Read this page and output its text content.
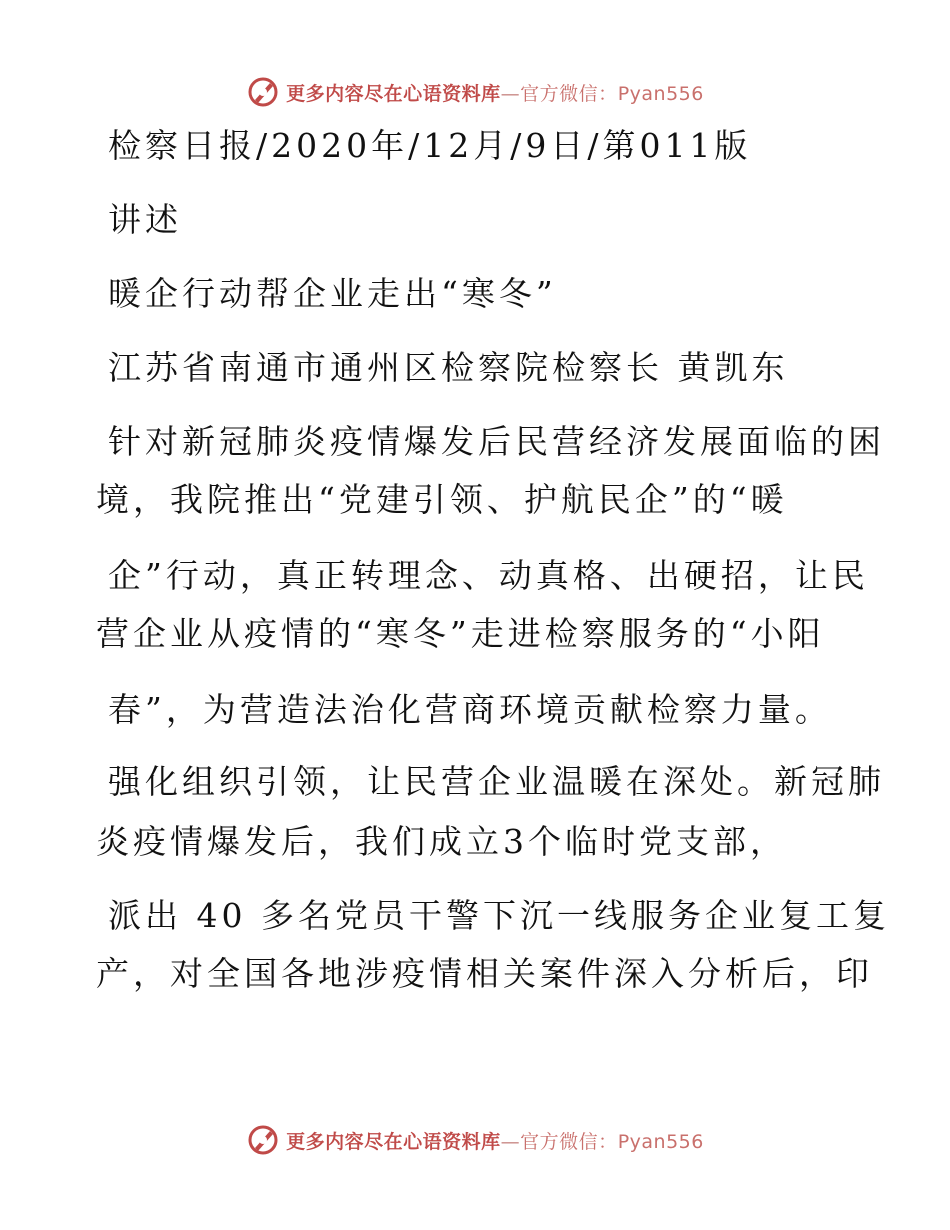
更多内容尽在心语资料库—官方微信：Pyan556
检察日报/2020年/12月/9日/第011版
讲述
暖企行动帮企业走出“寒冬”
江苏省南通市通州区检察院检察长 黄凯东
针对新冠肺炎疫情爆发后民营经济发展面临的困
境，我院推出“党建引领、护航民企”的“暖
企”行动，真正转理念、动真格、出硬招，让民
营企业从疫情的“寒冬”走进检察服务的“小阳
春”，为营造法治化营商环境贡献检察力量。
强化组织引领，让民营企业温暖在深处。新冠肺
炎疫情爆发后，我们成立3个临时党支部，
派出 40 多名党员干警下沉一线服务企业复工复
产，对全国各地涉疫情相关案件深入分析后，印
更多内容尽在心语资料库—官方微信：Pyan556
